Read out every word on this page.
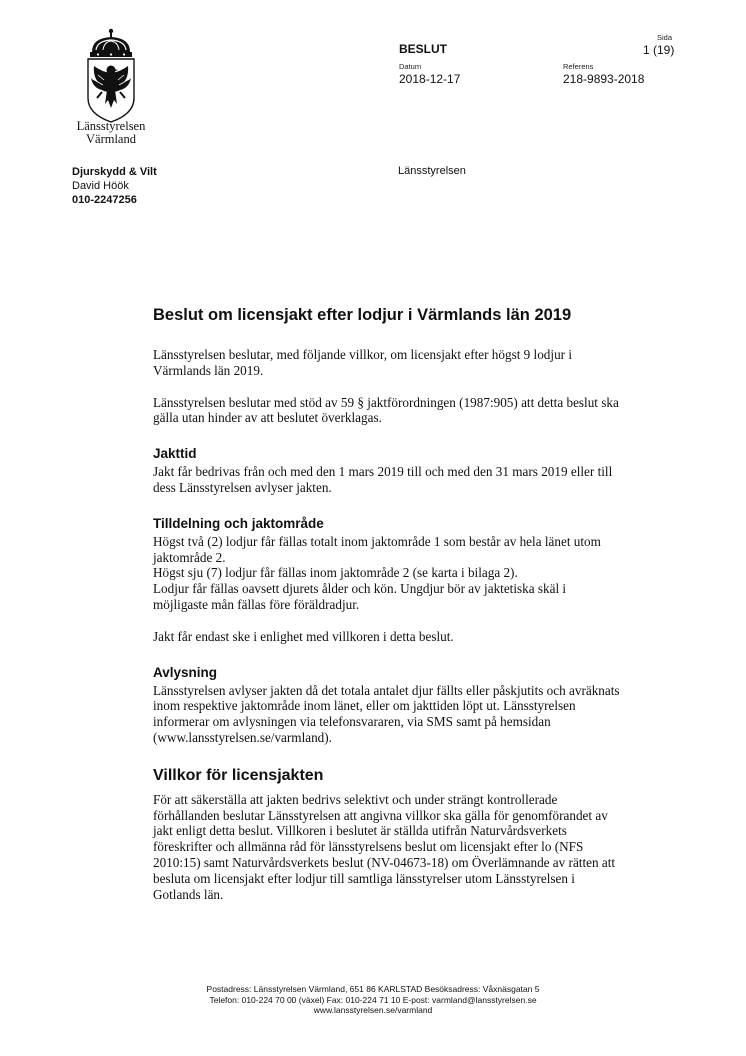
Länsstyrelsen
Värmland
BESLUT
Sida
1 (19)
Datum
2018-12-17
Referens
218-9893-2018
Djurskydd & Vilt
David Höök
010-2247256
Länsstyrelsen
Beslut om licensjakt efter lodjur i Värmlands län 2019

Länsstyrelsen beslutar, med följande villkor, om licensjakt efter högst 9 lodjur i Värmlands län 2019.

Länsstyrelsen beslutar med stöd av 59 § jaktförordningen (1987:905) att detta beslut ska gälla utan hinder av att beslutet överklagas.

Jakttid

Jakt får bedrivas från och med den 1 mars 2019 till och med den 31 mars 2019 eller till dess Länsstyrelsen avlyser jakten.

Tilldelning och jaktområde

Högst två (2) lodjur får fällas totalt inom jaktområde 1 som består av hela länet utom jaktområde 2.

Högst sju (7) lodjur får fällas inom jaktområde 2 (se karta i bilaga 2).

Lodjur får fällas oavsett djurets ålder och kön. Ungdjur bör av jaktetiska skäl i möjligaste mån fällas före föräldradjur.

Jakt får endast ske i enlighet med villkoren i detta beslut.

Avlysning

Länsstyrelsen avlyser jakten då det totala antalet djur fällts eller påskjutits och avräknats inom respektive jaktområde inom länet, eller om jakttiden löpt ut. Länsstyrelsen informerar om avlysningen via telefonsvararen, via SMS samt på hemsidan (www.lansstyrelsen.se/varmland).

Villkor för licensjakten

För att säkerställa att jakten bedrivs selektivt och under strängt kontrollerade förhållanden beslutar Länsstyrelsen att angivna villkor ska gälla för genomförandet av jakt enligt detta beslut. Villkoren i beslutet är ställda utifrån Naturvårdsverkets föreskrifter och allmänna råd för länsstyrelsens beslut om licensjakt efter lo (NFS 2010:15) samt Naturvårdsverkets beslut (NV-04673-18) om Överlämnande av rätten att besluta om licensjakt efter lodjur till samtliga länsstyrelser utom Länsstyrelsen i Gotlands län.

Postadress: Länsstyrelsen Värmland, 651 86 KARLSTAD Besöksadress: Våxnäsgatan 5
Telefon: 010-224 70 00 (växel) Fax: 010-224 71 10 E-post: varmland@lansstyrelsen.se
www.lansstyrelsen.se/varmland
